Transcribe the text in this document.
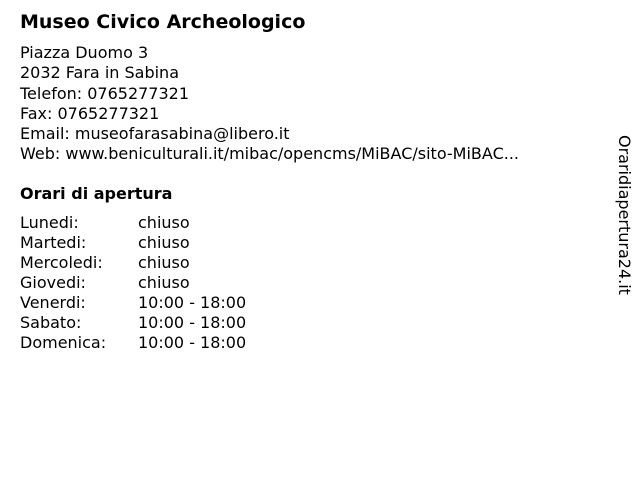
Museo Civico Archeologico
Piazza Duomo 3
2032 Fara in Sabina
Telefon: 0765277321
Fax: 0765277321
Email: museofarasabina@libero.it
Web: www.beniculturali.it/mibac/opencms/MiBAC/sito-MiBAC...
Orari di apertura
Lunedi:	chiuso
Martedi:	chiuso
Mercoledi:	chiuso
Giovedi:	chiuso
Venerdi:	10:00 - 18:00
Sabato:	10:00 - 18:00
Domenica:	10:00 - 18:00
Oraridiapertura24.it
